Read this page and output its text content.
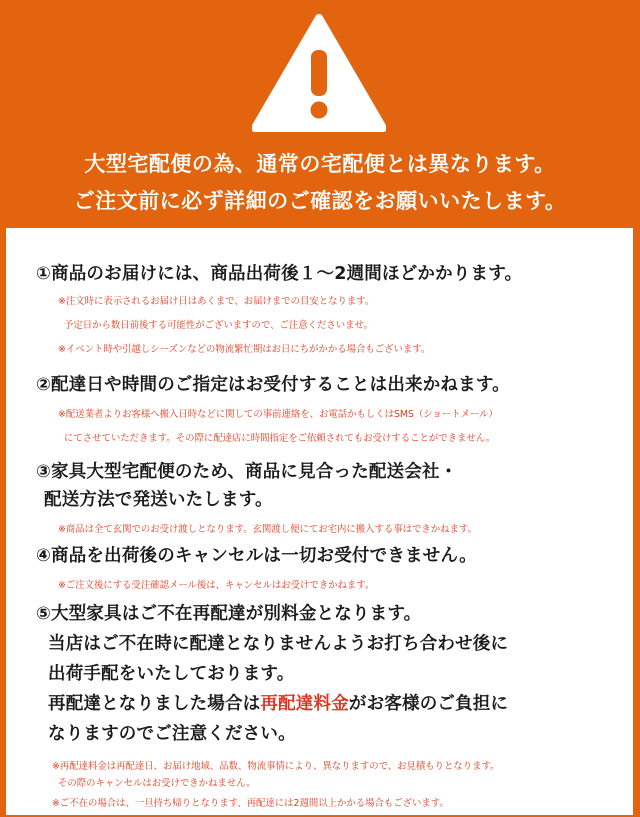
大型宅配便の為、通常の宅配便とは異なります。
ご注文前に必ず詳細のご確認をお願いいたします。
①商品のお届けには、商品出荷後１～2週間ほどかかります。
※注文時に表示されるお届け日はあくまで、お届けまでの目安となります。
予定日から数日前後する可能性がございますので、ご注意くださいませ。
※イベント時や引越しシーズンなどの物流繁忙期はお日にちがかかる場合もございます。
②配達日や時間のご指定はお受付することは出来かねます。
※配送業者よりお客様へ搬入日時などに関しての事前連絡を、お電話かもしくはSMS（ショートメール）
にてさせていただきます。その際に配達店に時間指定をご依頼されてもお受けすることができません。
③家具大型宅配便のため、商品に見合った配送会社・
配送方法で発送いたします。
※商品は全て玄関でのお受け渡しとなります。玄関渡し便にてお宅内に搬入する事はできかねます。
④商品を出荷後のキャンセルは一切お受付できません。
※ご注文後にする受注確認メール後は、キャンセルはお受けできかねます。
⑤大型家具はご不在再配達が別料金となります。
当店はご不在時に配達となりませんようお打ち合わせ後に
出荷手配をいたしております。
再配達となりました場合は再配達料金がお客様のご負担に
なりますのでご注意ください。
※再配達料金は再配達日、お届け地域、品数、物流事情により、異なりますので、お見積もりとなります。
その際のキャンセルはお受けできかねません。
※ご不在の場合は、一旦持ち帰りとなります、再配達には2週間以上かかる場合もございます。
